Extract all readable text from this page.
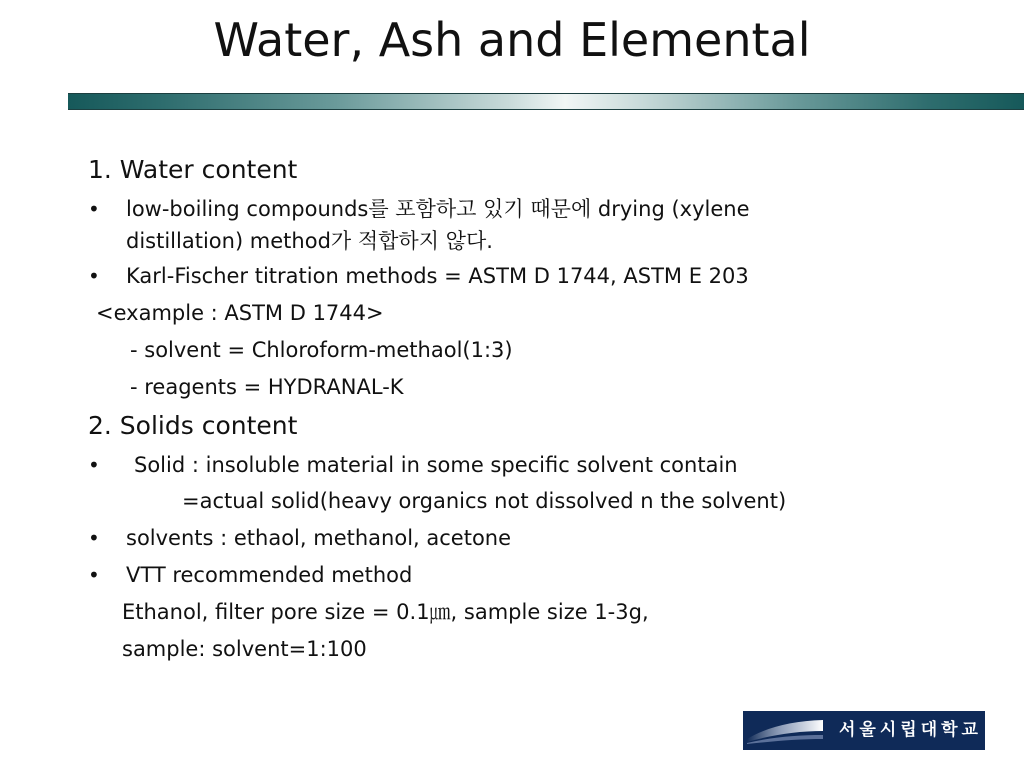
Water, Ash and Elemental
1. Water content
• low-boiling compounds를 포함하고 있기 때문에 drying (xylene
distillation) method가 적합하지 않다.
• Karl-Fischer titration methods = ASTM D 1744, ASTM E 203
<example : ASTM D 1744>
- solvent = Chloroform-methaol(1:3)
- reagents = HYDRANAL-K
2. Solids content
• Solid : insoluble material in some specific solvent contain
=actual solid(heavy organics not dissolved n the solvent)
• solvents : ethaol, methanol, acetone
• VTT recommended method
Ethanol, filter pore size = 0.1㎛, sample size 1-3g,
sample: solvent=1:100
서울시립대학교
